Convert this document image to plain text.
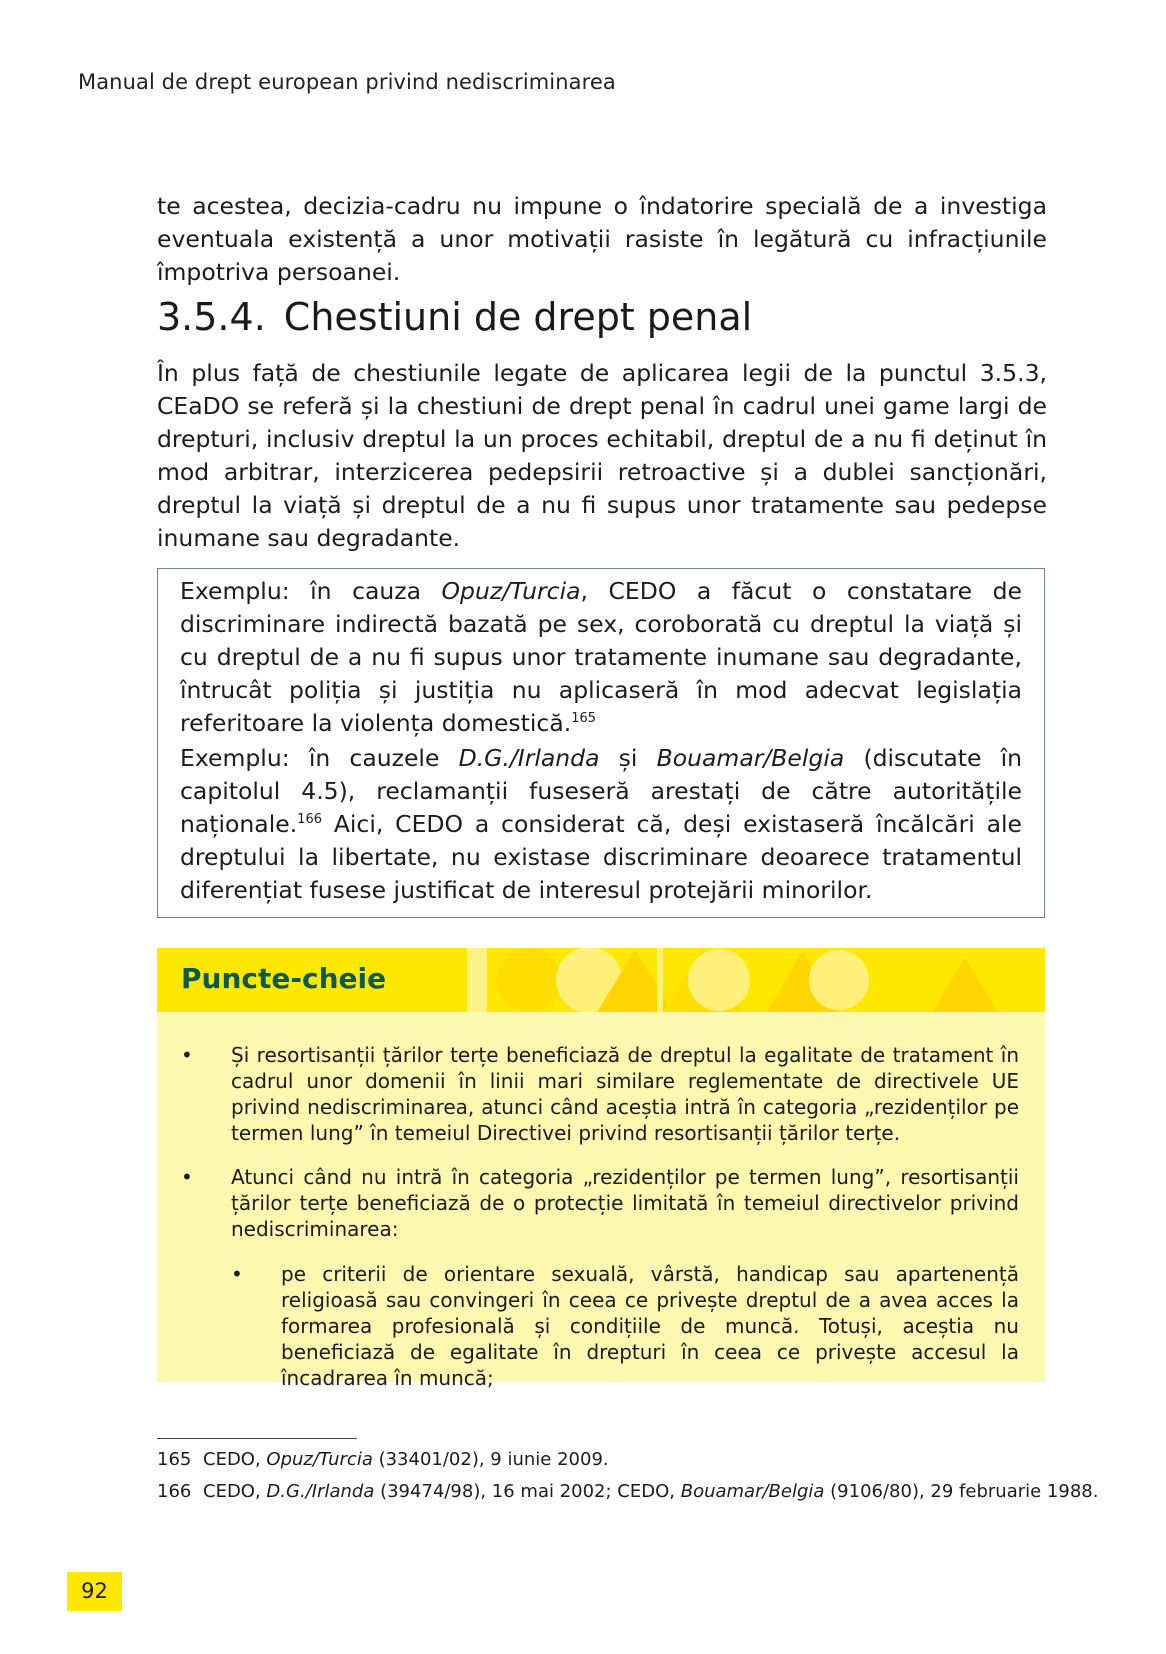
Manual de drept european privind nediscriminarea

te acestea, decizia-cadru nu impune o îndatorire specială de a investiga eventuala existență a unor motivații rasiste în legătură cu infracțiunile împotriva persoanei.

3.5.4. Chestiuni de drept penal

În plus față de chestiunile legate de aplicarea legii de la punctul 3.5.3, CEaDO se referă și la chestiuni de drept penal în cadrul unei game largi de drepturi, inclusiv dreptul la un proces echitabil, dreptul de a nu fi deținut în mod arbitrar, interzicerea pedepsirii retroactive și a dublei sancționări, dreptul la viață și dreptul de a nu fi supus unor tratamente sau pedepse inumane sau degradante.

Exemplu: în cauza Opuz/Turcia, CEDO a făcut o constatare de discriminare indirectă bazată pe sex, coroborată cu dreptul la viață și cu dreptul de a nu fi supus unor tratamente inumane sau degradante, întrucât poliția și justiția nu aplicaseră în mod adecvat legislația referitoare la violența domestică.$^{165}$

Exemplu: în cauzele D.G./Irlanda și Bouamar/Belgia (discutate în capitolul 4.5), reclamanții fuseseră arestați de către autoritățile naționale.$^{166}$ Aici, CEDO a considerat că, deși existaseră încălcări ale dreptului la libertate, nu existase discriminare deoarece tratamentul diferențiat fusese justificat de interesul protejării minorilor.

Puncte-cheie
• Și resortisanții țărilor terțe beneficiază de dreptul la egalitate de tratament în cadrul unor domenii în linii mari similare reglementate de directivele UE privind nediscriminarea, atunci când aceștia intră în categoria „rezidenților pe termen lung” în temeiul Directivei privind resortisanții țărilor terțe.
• Atunci când nu intră în categoria „rezidenților pe termen lung”, resortisanții țărilor terțe beneficiază de o protecție limitată în temeiul directivelor privind nediscriminarea:
• pe criterii de orientare sexuală, vârstă, handicap sau apartenență religioasă sau convingeri în ceea ce privește dreptul de a avea acces la formarea profesională și condițiile de muncă. Totuși, aceștia nu beneficiază de egalitate în drepturi în ceea ce privește accesul la încadrarea în muncă;
165 CEDO, Opuz/Turcia (33401/02), 9 iunie 2009.
166 CEDO, D.G./Irlanda (39474/98), 16 mai 2002; CEDO, Bouamar/Belgia (9106/80), 29 februarie 1988.
92
